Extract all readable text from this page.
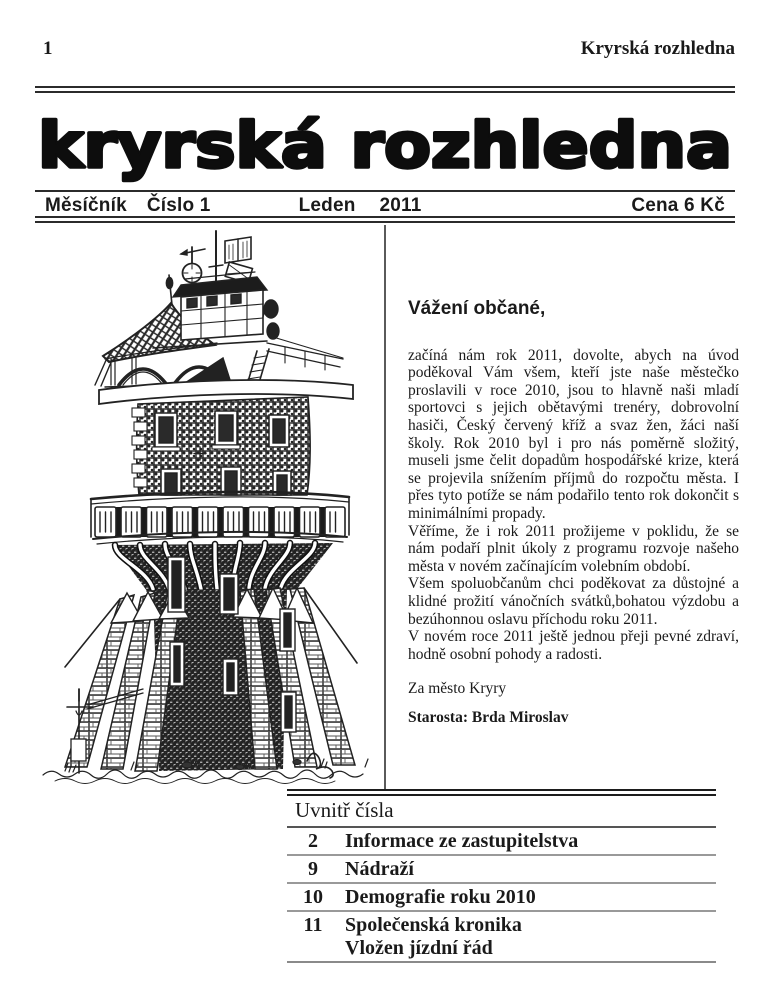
1	Kryrská rozhledna
kryrská rozhledna
Měsíčník Číslo 1	Leden 2011	Cena 6 Kč
Vážení občané,

začíná nám rok 2011, dovolte, abych na úvod poděkoval Vám všem, kteří jste naše městečko proslavili v roce 2010, jsou to hlavně naši mladí sportovci s jejich obětavými trenéry, dobrovolní hasiči, Český červený kříž a svaz žen, žáci naší školy. Rok 2010 byl i pro nás poměrně složitý, museli jsme čelit dopadům hospodářské krize, která se projevila snížením příjmů do rozpočtu města. I přes tyto potíže se nám podařilo tento rok dokončit s minimálními propady.

Věříme, že i rok 2011 prožijeme v poklidu, že se nám podaří plnit úkoly z programu rozvoje našeho města v novém začínajícím volebním období.

Všem spoluobčanům chci poděkovat za důstojné a klidné prožití vánočních svátků,bohatou výzdobu a bezúhonnou oslavu příchodu roku 2011.

V novém roce 2011 ještě jednou přeji pevné zdraví, hodně osobní pohody a radosti.

Za město Kryry
Starosta: Brda Miroslav
Uvnitř čísla
2	Informace ze zastupitelstva
9	Nádraží
10	Demografie roku 2010
11	Společenská kronika
Vložen jízdní řád
